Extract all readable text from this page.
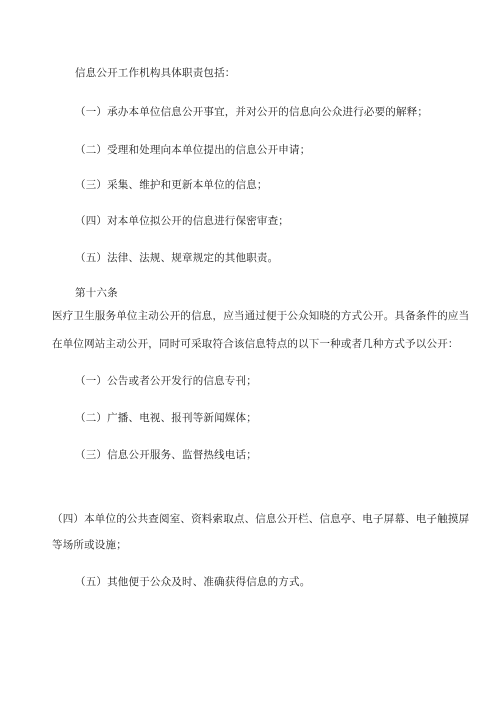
信息公开工作机构具体职责包括：
（一）承办本单位信息公开事宜，并对公开的信息向公众进行必要的解释；
（二）受理和处理向本单位提出的信息公开申请；
（三）采集、维护和更新本单位的信息；
（四）对本单位拟公开的信息进行保密审查；
（五）法律、法规、规章规定的其他职责。
第十六条
医疗卫生服务单位主动公开的信息，应当通过便于公众知晓的方式公开。具备条件的应当
在单位网站主动公开，同时可采取符合该信息特点的以下一种或者几种方式予以公开：
（一）公告或者公开发行的信息专刊；
（二）广播、电视、报刊等新闻媒体；
（三）信息公开服务、监督热线电话；
（四）本单位的公共查阅室、资料索取点、信息公开栏、信息亭、电子屏幕、电子触摸屏
等场所或设施；
（五）其他便于公众及时、准确获得信息的方式。
